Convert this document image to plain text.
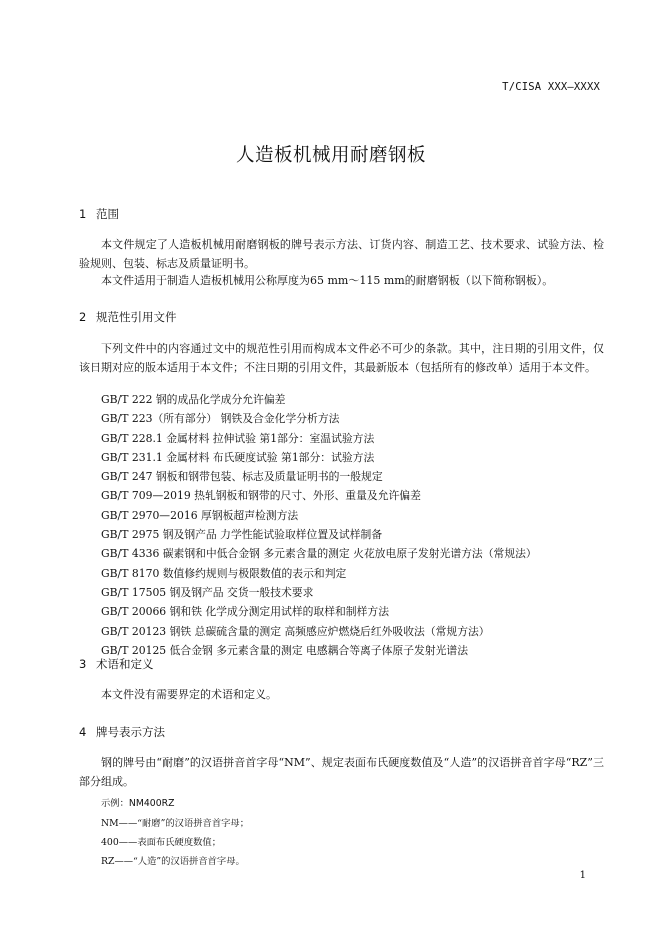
T/CISA XXX—XXXX
人造板机械用耐磨钢板
1 范围

本文件规定了人造板机械用耐磨钢板的牌号表示方法、订货内容、制造工艺、技术要求、试验方法、检验规则、包装、标志及质量证明书。

本文件适用于制造人造板机械用公称厚度为65 mm～115 mm的耐磨钢板（以下简称钢板）。

2 规范性引用文件

下列文件中的内容通过文中的规范性引用而构成本文件必不可少的条款。其中，注日期的引用文件，仅该日期对应的版本适用于本文件；不注日期的引用文件，其最新版本（包括所有的修改单）适用于本文件。

GB/T 222 钢的成品化学成分允许偏差
GB/T 223（所有部分） 钢铁及合金化学分析方法
GB/T 228.1 金属材料 拉伸试验 第1部分：室温试验方法
GB/T 231.1 金属材料 布氏硬度试验 第1部分：试验方法
GB/T 247 钢板和钢带包装、标志及质量证明书的一般规定
GB/T 709—2019 热轧钢板和钢带的尺寸、外形、重量及允许偏差
GB/T 2970—2016 厚钢板超声检测方法
GB/T 2975 钢及钢产品 力学性能试验取样位置及试样制备
GB/T 4336 碳素钢和中低合金钢 多元素含量的测定 火花放电原子发射光谱方法（常规法）
GB/T 8170 数值修约规则与极限数值的表示和判定
GB/T 17505 钢及钢产品 交货一般技术要求
GB/T 20066 钢和铁 化学成分测定用试样的取样和制样方法
GB/T 20123 钢铁 总碳硫含量的测定 高频感应炉燃烧后红外吸收法（常规方法）
GB/T 20125 低合金钢 多元素含量的测定 电感耦合等离子体原子发射光谱法
3 术语和定义

本文件没有需要界定的术语和定义。

4 牌号表示方法

钢的牌号由“耐磨”的汉语拼音首字母“NM”、规定表面布氏硬度数值及“人造”的汉语拼音首字母“RZ”三部分组成。

示例：NM400RZ
NM——“耐磨”的汉语拼音首字母；
400——表面布氏硬度数值；
RZ——“人造”的汉语拼音首字母。
1
